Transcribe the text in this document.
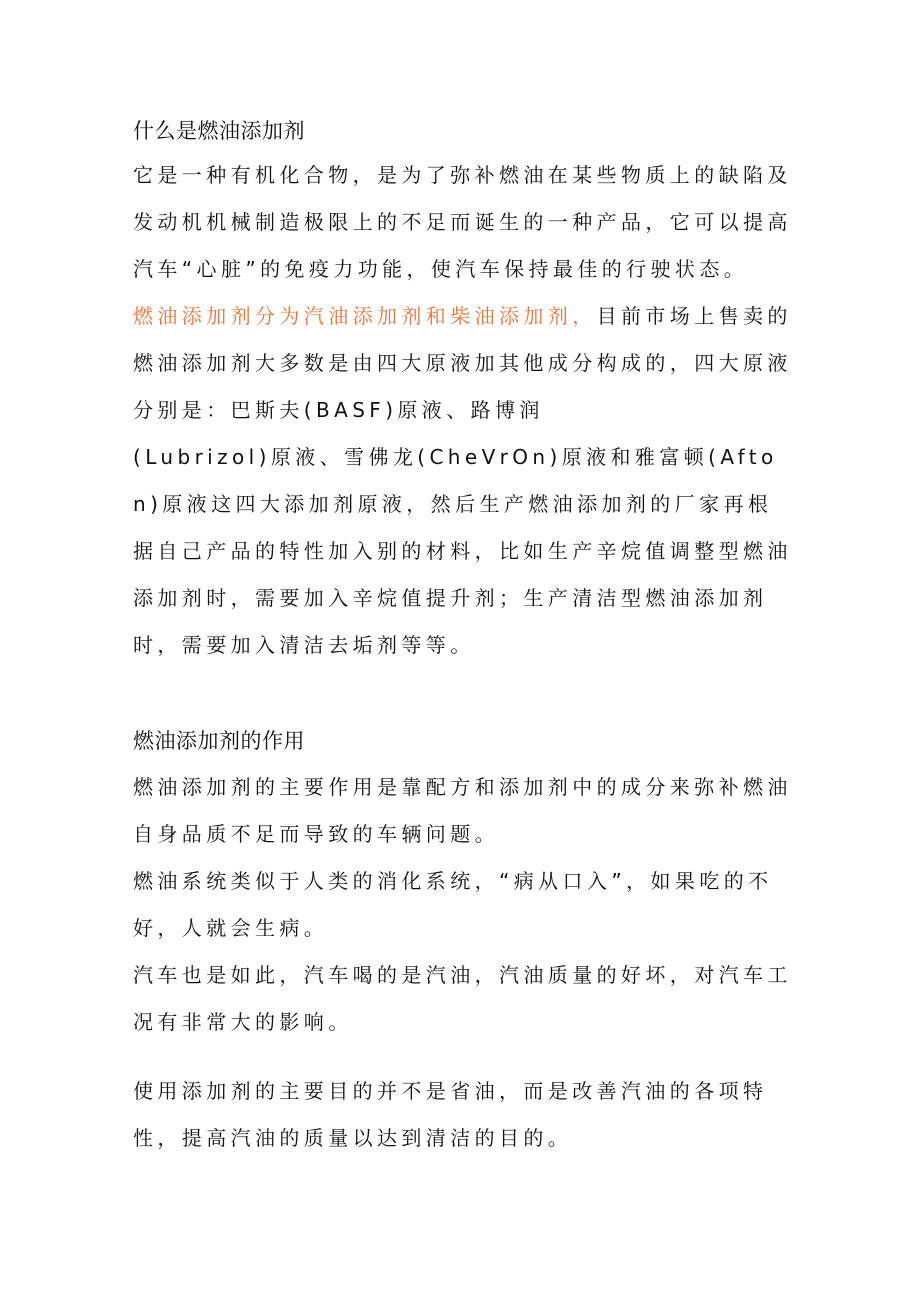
什么是燃油添加剂

它是一种有机化合物，是为了弥补燃油在某些物质上的缺陷及发动机机械制造极限上的不足而诞生的一种产品，它可以提高汽车“心脏”的免疫力功能，使汽车保持最佳的行驶状态。

燃油添加剂分为汽油添加剂和柴油添加剂，目前市场上售卖的燃油添加剂大多数是由四大原液加其他成分构成的，四大原液分别是：巴斯夫(BASF)原液、路博润

(Lubrizol)原液、雪佛龙(CheVrOn)原液和雅富顿(Afton)原液这四大添加剂原液，然后生产燃油添加剂的厂家再根据自己产品的特性加入别的材料，比如生产辛烷值调整型燃油添加剂时，需要加入辛烷值提升剂；生产清洁型燃油添加剂时，需要加入清洁去垢剂等等。

燃油添加剂的作用

燃油添加剂的主要作用是靠配方和添加剂中的成分来弥补燃油自身品质不足而导致的车辆问题。

燃油系统类似于人类的消化系统，“病从口入”，如果吃的不好，人就会生病。

汽车也是如此，汽车喝的是汽油，汽油质量的好坏，对汽车工况有非常大的影响。

使用添加剂的主要目的并不是省油，而是改善汽油的各项特性，提高汽油的质量以达到清洁的目的。
